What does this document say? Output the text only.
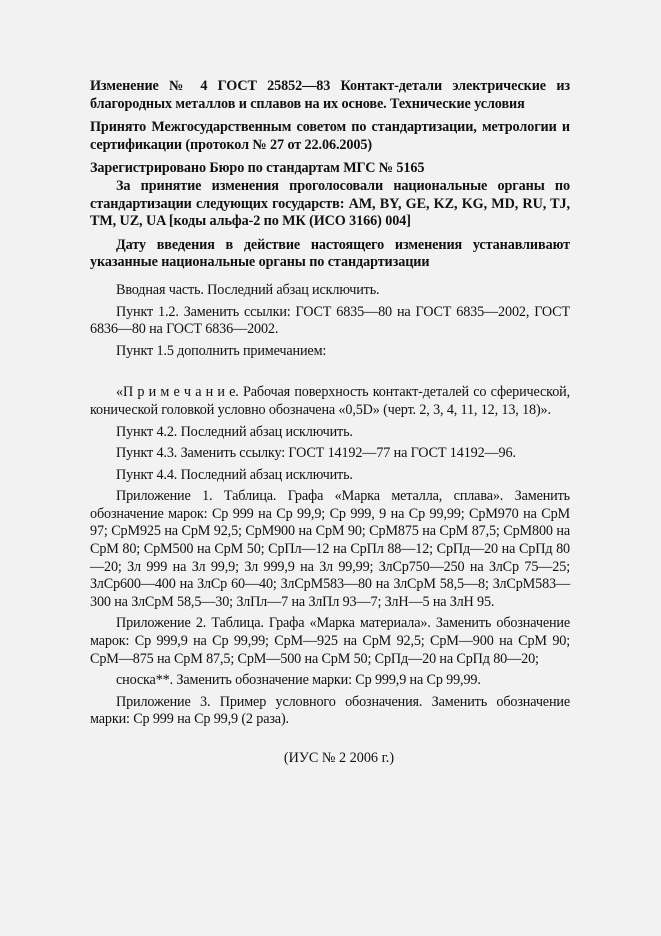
Изменение № 4 ГОСТ 25852—83 Контакт-детали электрические из благородных металлов и сплавов на их основе. Технические условия

Принято Межгосударственным советом по стандартизации, метрологии и сертификации (протокол № 27 от 22.06.2005)

Зарегистрировано Бюро по стандартам МГС № 5165

За принятие изменения проголосовали национальные органы по стандартизации следующих государств: AM, BY, GE, KZ, KG, MD, RU, TJ, TM, UZ, UA [коды альфа-2 по МК (ИСО 3166) 004]

Дату введения в действие настоящего изменения устанавливают указанные национальные органы по стандартизации

Вводная часть. Последний абзац исключить.

Пункт 1.2. Заменить ссылки: ГОСТ 6835—80 на ГОСТ 6835—2002, ГОСТ 6836—80 на ГОСТ 6836—2002.

Пункт 1.5 дополнить примечанием:

«П р и м е ч а н и е. Рабочая поверхность контакт-деталей со сферической, конической головкой условно обозначена «0,5D» (черт. 2, 3, 4, 11, 12, 13, 18)».

Пункт 4.2. Последний абзац исключить.

Пункт 4.3. Заменить ссылку: ГОСТ 14192—77 на ГОСТ 14192—96.

Пункт 4.4. Последний абзац исключить.

Приложение 1. Таблица. Графа «Марка металла, сплава». Заменить обозначение марок: Ср 999 на Ср 99,9; Ср 999, 9 на Ср 99,99; СрМ970 на СрМ 97; СрМ925 на СрМ 92,5; СрМ900 на СрМ 90; СрМ875 на СрМ 87,5; СрМ800 на СрМ 80; СрМ500 на СрМ 50; СрПл—12 на СрПл 88—12; СрПд—20 на СрПд 80—20; Зл 999 на Зл 99,9; Зл 999,9 на Зл 99,99; ЗлСр750—250 на ЗлСр 75—25; ЗлСр600—400 на ЗлСр 60—40; ЗлСрМ583—80 на ЗлСрМ 58,5—8; ЗлСрМ583—300 на ЗлСрМ 58,5—30; ЗлПл—7 на ЗлПл 93—7; ЗлН—5 на ЗлН 95.

Приложение 2. Таблица. Графа «Марка материала». Заменить обозначение марок: Ср 999,9 на Ср 99,99; СрМ—925 на СрМ 92,5; СрМ—900 на СрМ 90; СрМ—875 на СрМ 87,5; СрМ—500 на СрМ 50; СрПд—20 на СрПд 80—20;

сноска**. Заменить обозначение марки: Ср 999,9 на Ср 99,99.

Приложение 3. Пример условного обозначения. Заменить обозначение марки: Ср 999 на Ср 99,9 (2 раза).

(ИУС № 2 2006 г.)
